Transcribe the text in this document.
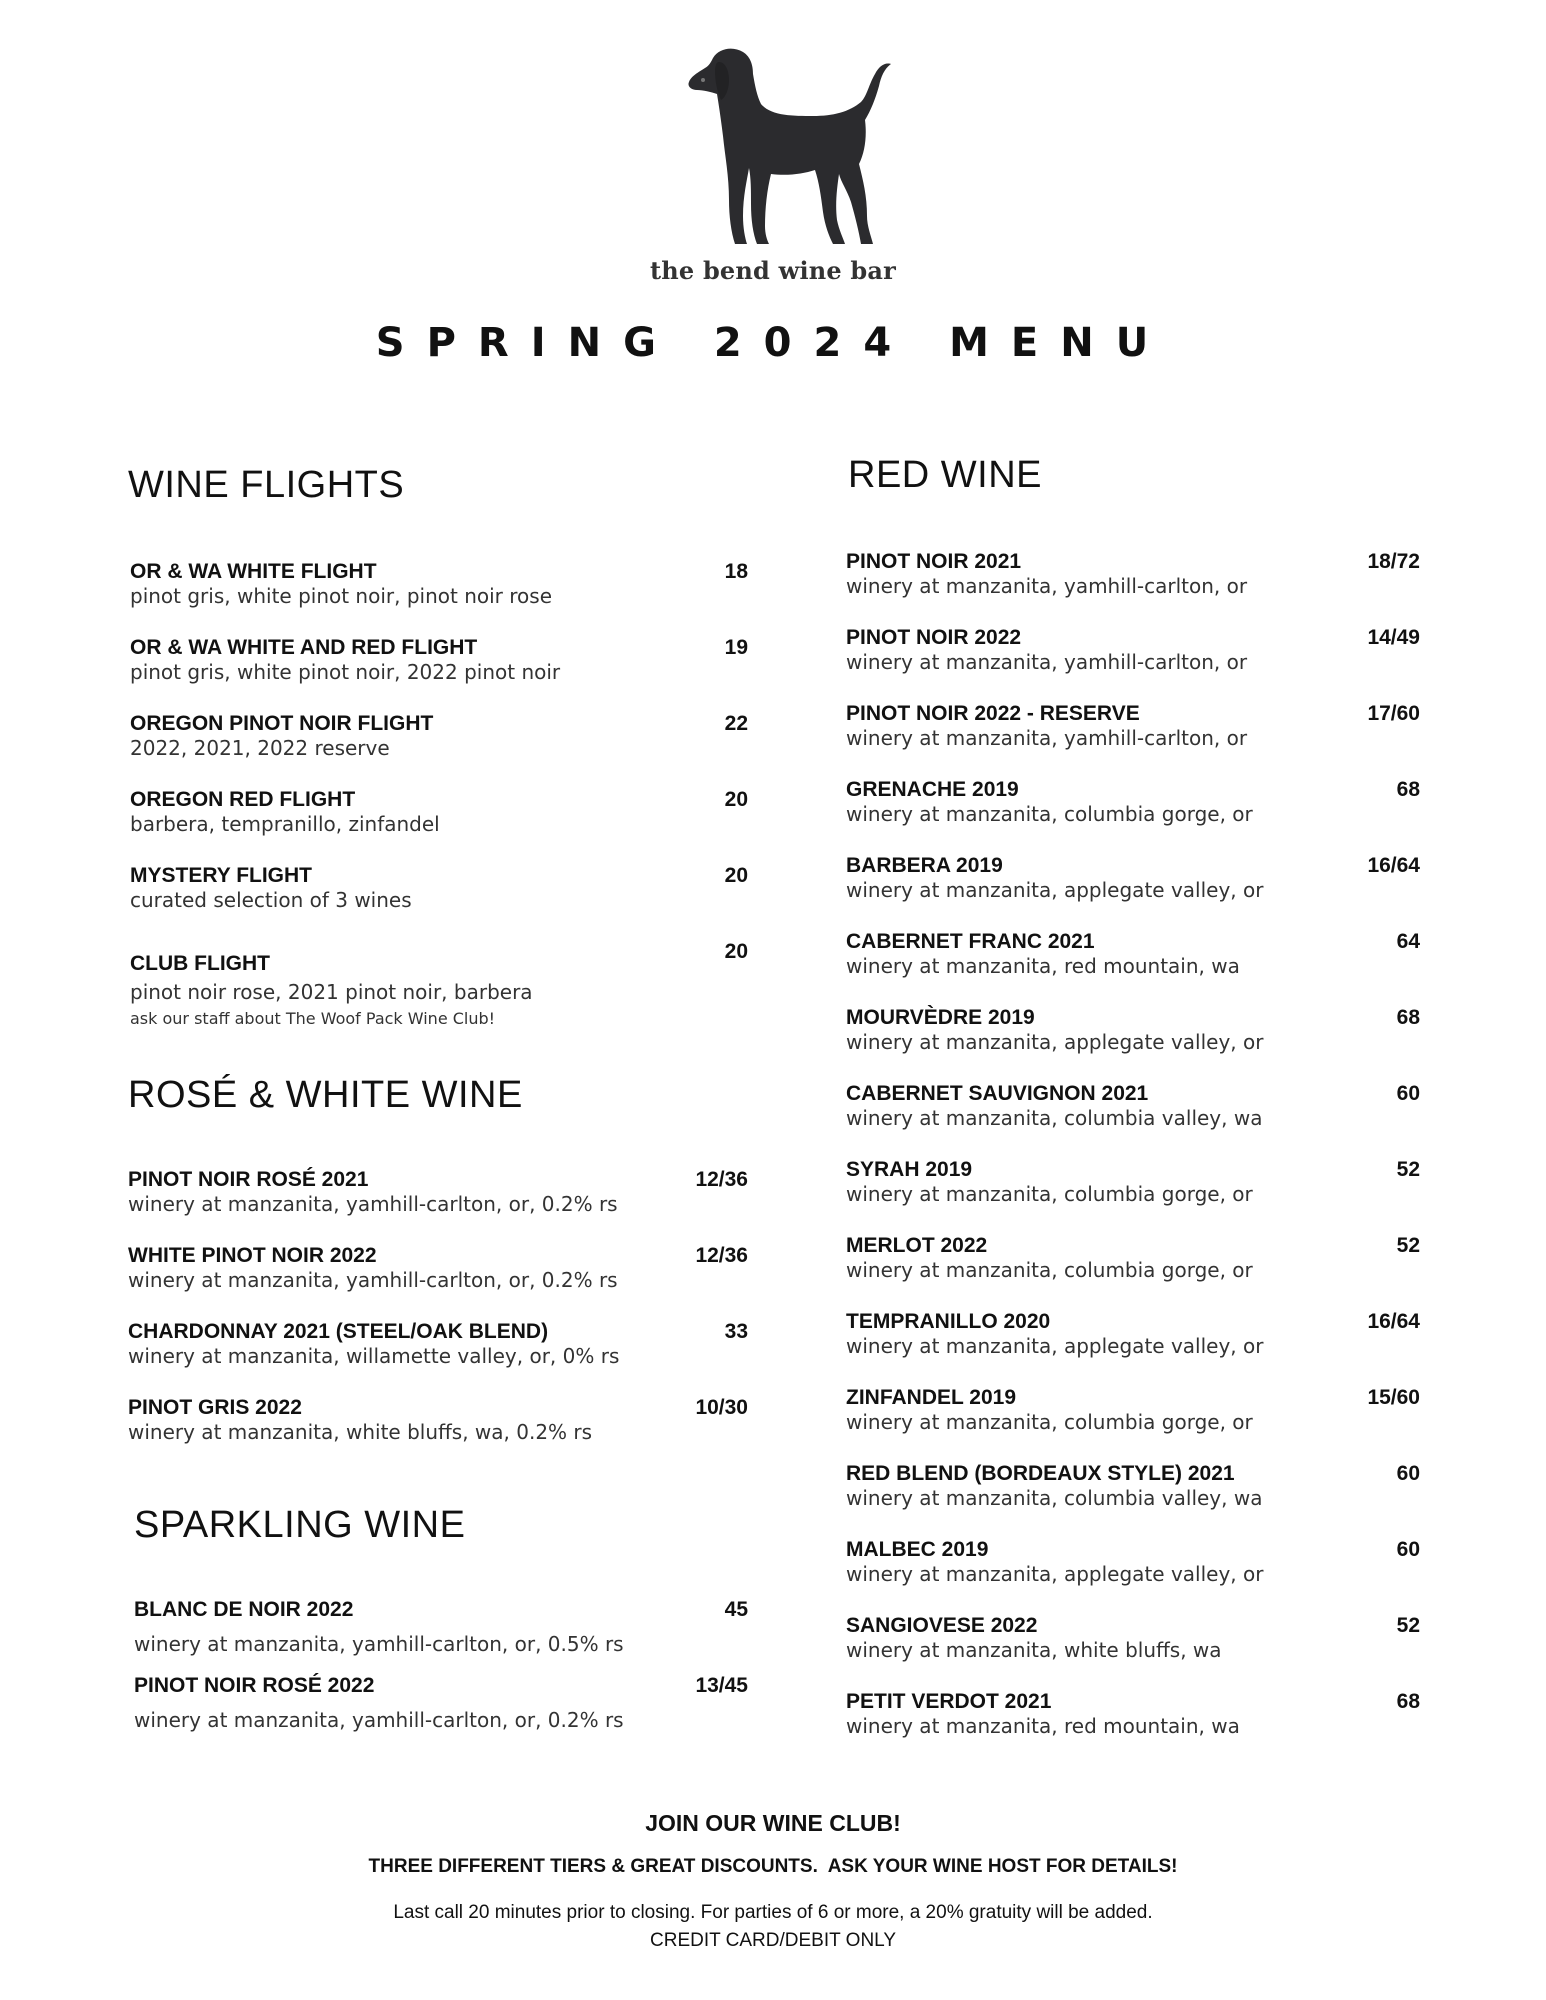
the bend wine bar
SPRING 2024 MENU
WINE FLIGHTS
OR & WA WHITE FLIGHT
pinot gris, white pinot noir, pinot noir rose
18
OR & WA WHITE AND RED FLIGHT
pinot gris, white pinot noir, 2022 pinot noir
19
OREGON PINOT NOIR FLIGHT
2022, 2021, 2022 reserve
22
OREGON RED FLIGHT
barbera, tempranillo, zinfandel
20
MYSTERY FLIGHT
curated selection of 3 wines
20
CLUB FLIGHT
pinot noir rose, 2021 pinot noir, barbera
ask our staff about The Woof Pack Wine Club!
20
ROSÉ & WHITE WINE
PINOT NOIR ROSÉ 2021
winery at manzanita, yamhill-carlton, or, 0.2% rs
12/36
WHITE PINOT NOIR 2022
winery at manzanita, yamhill-carlton, or, 0.2% rs
12/36
CHARDONNAY 2021 (STEEL/OAK BLEND)
winery at manzanita, willamette valley, or, 0% rs
33
PINOT GRIS 2022
winery at manzanita, white bluffs, wa, 0.2% rs
10/30
SPARKLING WINE
BLANC DE NOIR 2022
winery at manzanita, yamhill-carlton, or, 0.5% rs
45
PINOT NOIR ROSÉ 2022
winery at manzanita, yamhill-carlton, or, 0.2% rs
13/45
RED WINE
PINOT NOIR 2021
winery at manzanita, yamhill-carlton, or
18/72
PINOT NOIR 2022
winery at manzanita, yamhill-carlton, or
14/49
PINOT NOIR 2022 - RESERVE
winery at manzanita, yamhill-carlton, or
17/60
GRENACHE 2019
winery at manzanita, columbia gorge, or
68
BARBERA 2019
winery at manzanita, applegate valley, or
16/64
CABERNET FRANC 2021
winery at manzanita, red mountain, wa
64
MOURVÈDRE 2019
winery at manzanita, applegate valley, or
68
CABERNET SAUVIGNON 2021
winery at manzanita, columbia valley, wa
60
SYRAH 2019
winery at manzanita, columbia gorge, or
52
MERLOT 2022
winery at manzanita, columbia gorge, or
52
TEMPRANILLO 2020
winery at manzanita, applegate valley, or
16/64
ZINFANDEL 2019
winery at manzanita, columbia gorge, or
15/60
RED BLEND (BORDEAUX STYLE) 2021
winery at manzanita, columbia valley, wa
60
MALBEC 2019
winery at manzanita, applegate valley, or
60
SANGIOVESE 2022
winery at manzanita, white bluffs, wa
52
PETIT VERDOT 2021
winery at manzanita, red mountain, wa
68
JOIN OUR WINE CLUB!
THREE DIFFERENT TIERS & GREAT DISCOUNTS.  ASK YOUR WINE HOST FOR DETAILS!
Last call 20 minutes prior to closing. For parties of 6 or more, a 20% gratuity will be added.
CREDIT CARD/DEBIT ONLY
